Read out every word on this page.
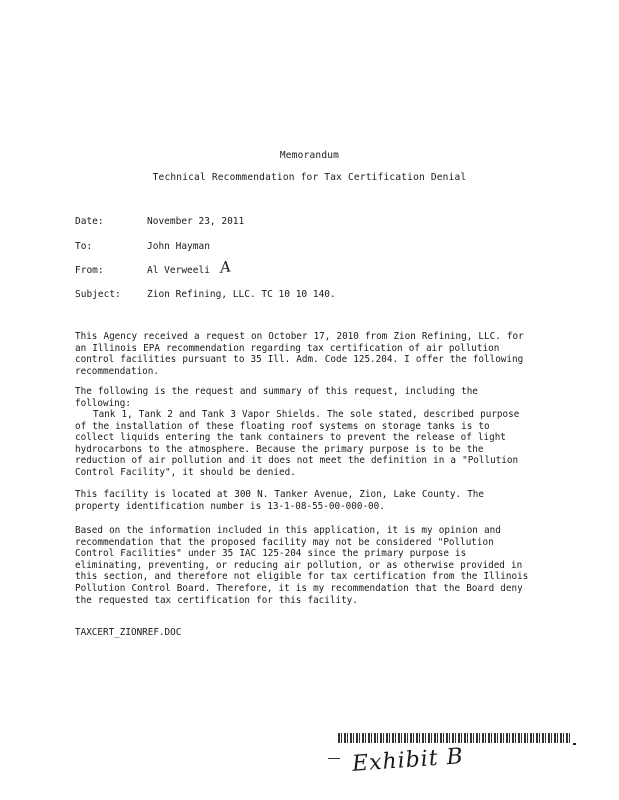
Memorandum
Technical Recommendation for Tax Certification Denial
Date:	November 23, 2011
To:	John Hayman
From:	Al Verweeli A
Subject:	Zion Refining, LLC. TC 10 10 140.
This Agency received a request on October 17, 2010 from Zion Refining, LLC. for an Illinois EPA recommendation regarding tax certification of air pollution control facilities pursuant to 35 Ill. Adm. Code 125.204. I offer the following recommendation.
The following is the request and summary of this request, including the following:
Tank 1, Tank 2 and Tank 3 Vapor Shields. The sole stated, described purpose of the installation of these floating roof systems on storage tanks is to collect liquids entering the tank containers to prevent the release of light hydrocarbons to the atmosphere. Because the primary purpose is to be the reduction of air pollution and it does not meet the definition in a "Pollution Control Facility", it should be denied.
This facility is located at 300 N. Tanker Avenue, Zion, Lake County. The property identification number is 13-1-08-55-00-000-00.
Based on the information included in this application, it is my opinion and recommendation that the proposed facility may not be considered "Pollution Control Facilities" under 35 IAC 125-204 since the primary purpose is eliminating, preventing, or reducing air pollution, or as otherwise provided in this section, and therefore not eligible for tax certification from the Illinois Pollution Control Board. Therefore, it is my recommendation that the Board deny the requested tax certification for this facility.
TAXCERT_ZIONREF.DOC
Exhibit B
